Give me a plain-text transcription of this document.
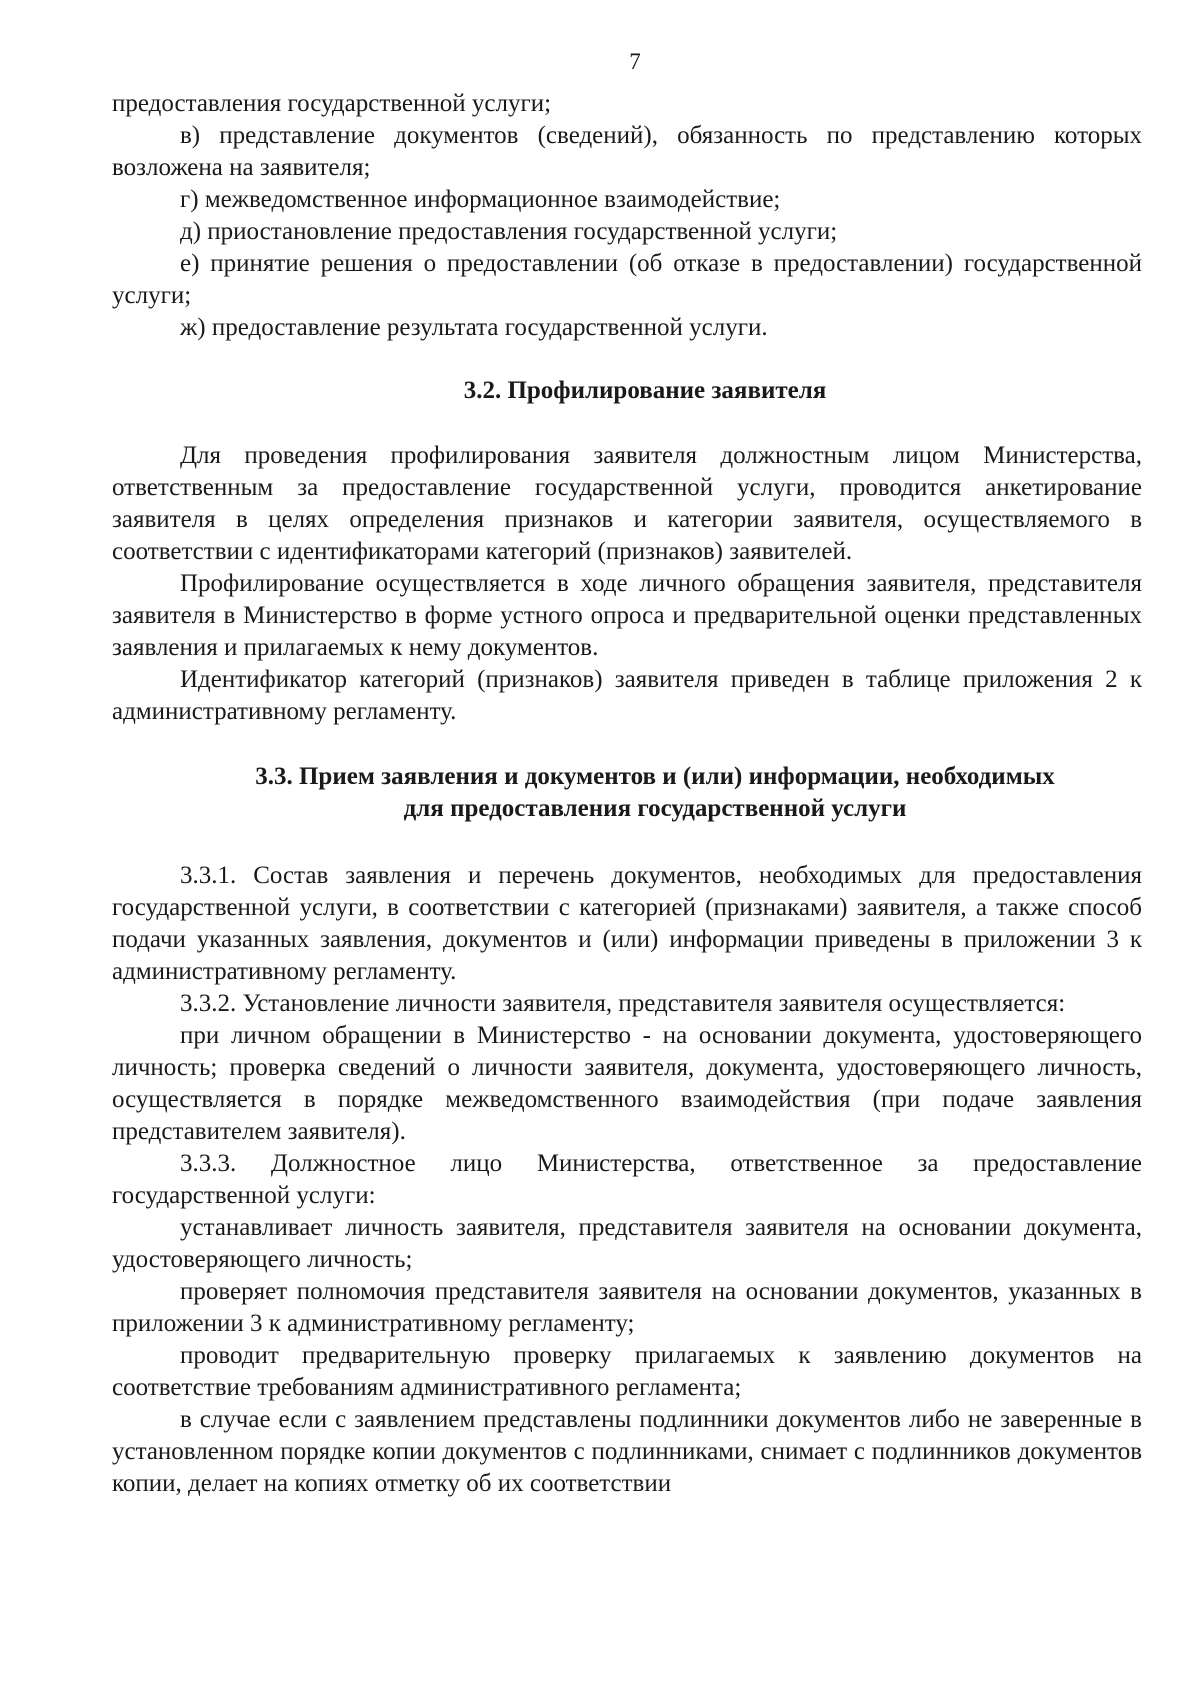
7

предоставления государственной услуги;

в) представление документов (сведений), обязанность по представлению которых возложена на заявителя;

г) межведомственное информационное взаимодействие;

д) приостановление предоставления государственной услуги;

е) принятие решения о предоставлении (об отказе в предоставлении) государственной услуги;

ж) предоставление результата государственной услуги.

3.2. Профилирование заявителя

Для проведения профилирования заявителя должностным лицом Министерства, ответственным за предоставление государственной услуги, проводится анкетирование заявителя в целях определения признаков и категории заявителя, осуществляемого в соответствии с идентификаторами категорий (признаков) заявителей.

Профилирование осуществляется в ходе личного обращения заявителя, представителя заявителя в Министерство в форме устного опроса и предварительной оценки представленных заявления и прилагаемых к нему документов.

Идентификатор категорий (признаков) заявителя приведен в таблице приложения 2 к административному регламенту.

3.3. Прием заявления и документов и (или) информации, необходимых
для предоставления государственной услуги

3.3.1. Состав заявления и перечень документов, необходимых для предоставления государственной услуги, в соответствии с категорией (признаками) заявителя, а также способ подачи указанных заявления, документов и (или) информации приведены в приложении 3 к административному регламенту.

3.3.2. Установление личности заявителя, представителя заявителя осуществляется:

при личном обращении в Министерство - на основании документа, удостоверяющего личность; проверка сведений о личности заявителя, документа, удостоверяющего личность, осуществляется в порядке межведомственного взаимодействия (при подаче заявления представителем заявителя).

3.3.3. Должностное лицо Министерства, ответственное за предоставление государственной услуги:

устанавливает личность заявителя, представителя заявителя на основании документа, удостоверяющего личность;

проверяет полномочия представителя заявителя на основании документов, указанных в приложении 3 к административному регламенту;

проводит предварительную проверку прилагаемых к заявлению документов на соответствие требованиям административного регламента;

в случае если с заявлением представлены подлинники документов либо не заверенные в установленном порядке копии документов с подлинниками, снимает с подлинников документов копии, делает на копиях отметку об их соответствии
